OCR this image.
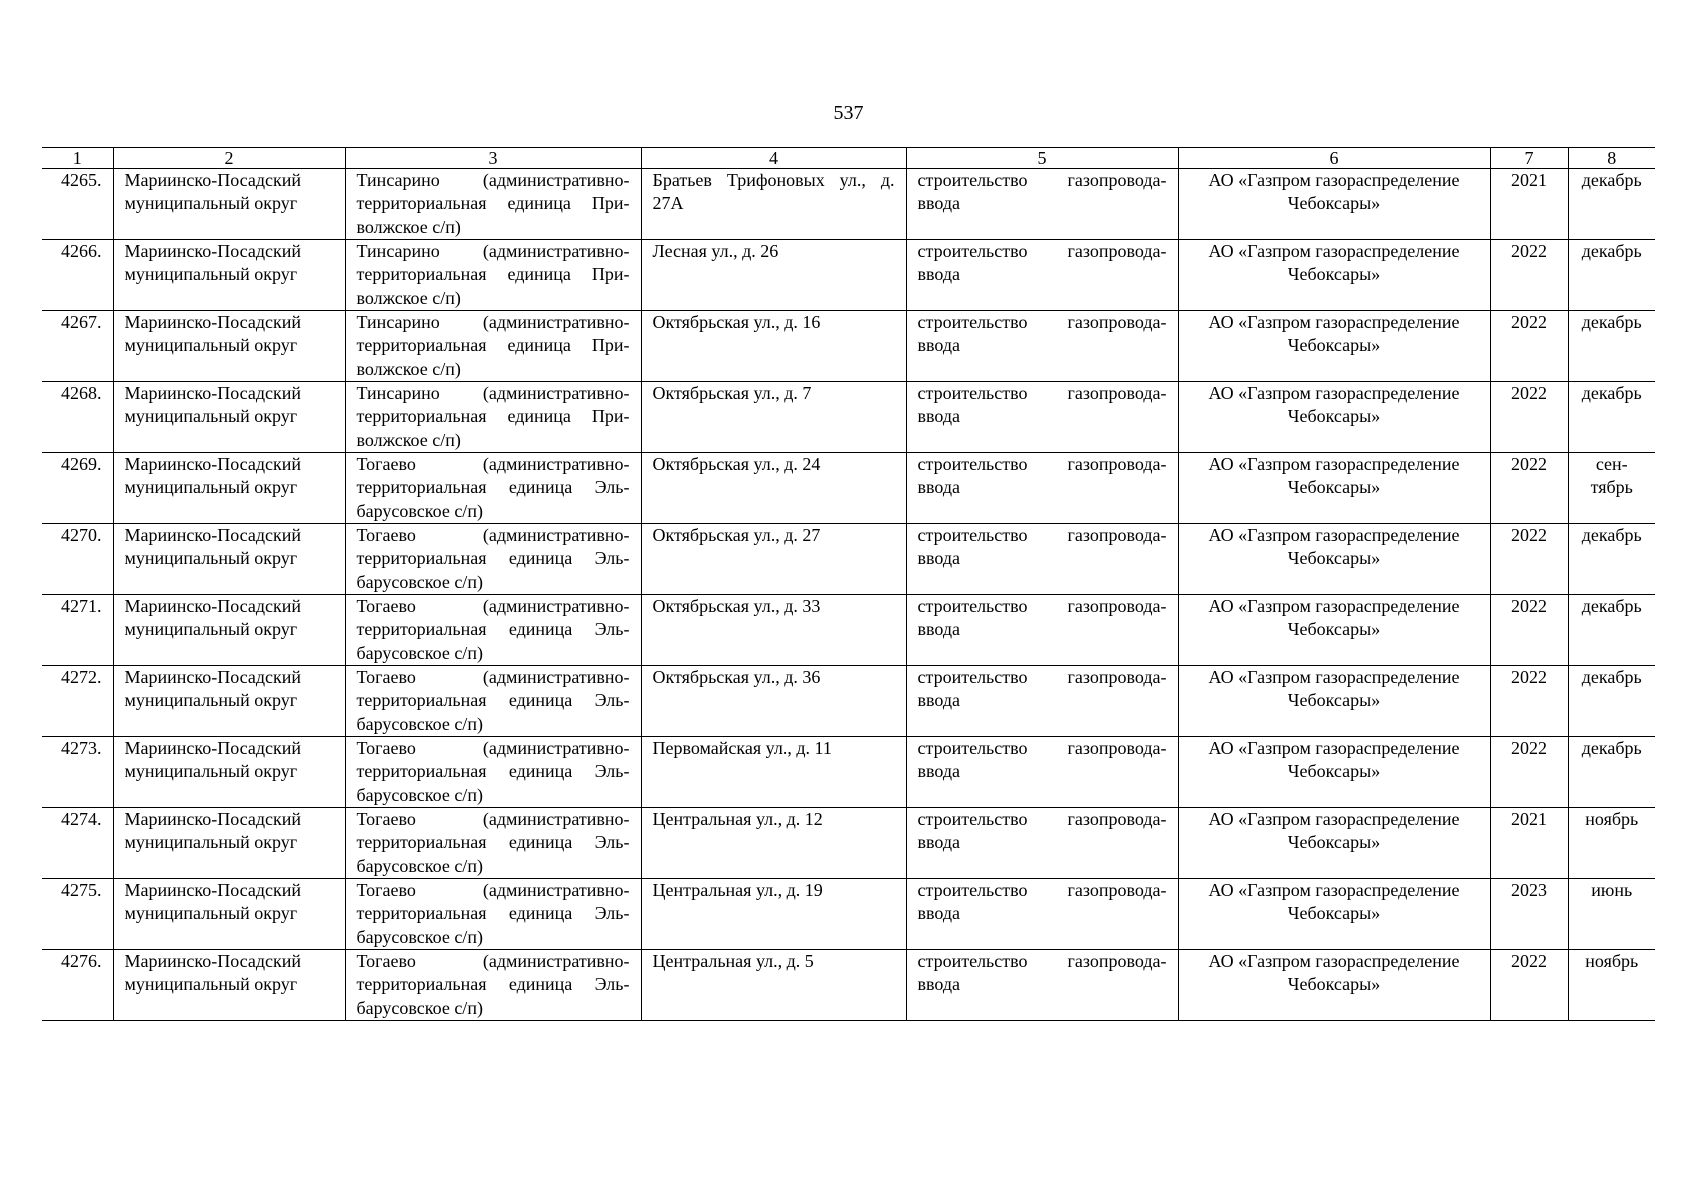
537
1	2	3	4	5	6	7	8
4265.	Мариинско-Посадский муниципальный округ	Тинсарино (административно-территориальная единица Приволжское с/п)	Братьев Трифоновых ул., д. 27А	строительство газопровода-ввода	АО «Газпром газораспределение Чебоксары»	2021	декабрь
4266.	Мариинско-Посадский муниципальный округ	Тинсарино (административно-территориальная единица Приволжское с/п)	Лесная ул., д. 26	строительство газопровода-ввода	АО «Газпром газораспределение Чебоксары»	2022	декабрь
4267.	Мариинско-Посадский муниципальный округ	Тинсарино (административно-территориальная единица Приволжское с/п)	Октябрьская ул., д. 16	строительство газопровода-ввода	АО «Газпром газораспределение Чебоксары»	2022	декабрь
4268.	Мариинско-Посадский муниципальный округ	Тинсарино (административно-территориальная единица Приволжское с/п)	Октябрьская ул., д. 7	строительство газопровода-ввода	АО «Газпром газораспределение Чебоксары»	2022	декабрь
4269.	Мариинско-Посадский муниципальный округ	Тогаево (административно-территориальная единица Эльбарусовское с/п)	Октябрьская ул., д. 24	строительство газопровода-ввода	АО «Газпром газораспределение Чебоксары»	2022	сентябрь
4270.	Мариинско-Посадский муниципальный округ	Тогаево (административно-территориальная единица Эльбарусовское с/п)	Октябрьская ул., д. 27	строительство газопровода-ввода	АО «Газпром газораспределение Чебоксары»	2022	декабрь
4271.	Мариинско-Посадский муниципальный округ	Тогаево (административно-территориальная единица Эльбарусовское с/п)	Октябрьская ул., д. 33	строительство газопровода-ввода	АО «Газпром газораспределение Чебоксары»	2022	декабрь
4272.	Мариинско-Посадский муниципальный округ	Тогаево (административно-территориальная единица Эльбарусовское с/п)	Октябрьская ул., д. 36	строительство газопровода-ввода	АО «Газпром газораспределение Чебоксары»	2022	декабрь
4273.	Мариинско-Посадский муниципальный округ	Тогаево (административно-территориальная единица Эльбарусовское с/п)	Первомайская ул., д. 11	строительство газопровода-ввода	АО «Газпром газораспределение Чебоксары»	2022	декабрь
4274.	Мариинско-Посадский муниципальный округ	Тогаево (административно-территориальная единица Эльбарусовское с/п)	Центральная ул., д. 12	строительство газопровода-ввода	АО «Газпром газораспределение Чебоксары»	2021	ноябрь
4275.	Мариинско-Посадский муниципальный округ	Тогаево (административно-территориальная единица Эльбарусовское с/п)	Центральная ул., д. 19	строительство газопровода-ввода	АО «Газпром газораспределение Чебоксары»	2023	июнь
4276.	Мариинско-Посадский муниципальный округ	Тогаево (административно-территориальная единица Эльбарусовское с/п)	Центральная ул., д. 5	строительство газопровода-ввода	АО «Газпром газораспределение Чебоксары»	2022	ноябрь
